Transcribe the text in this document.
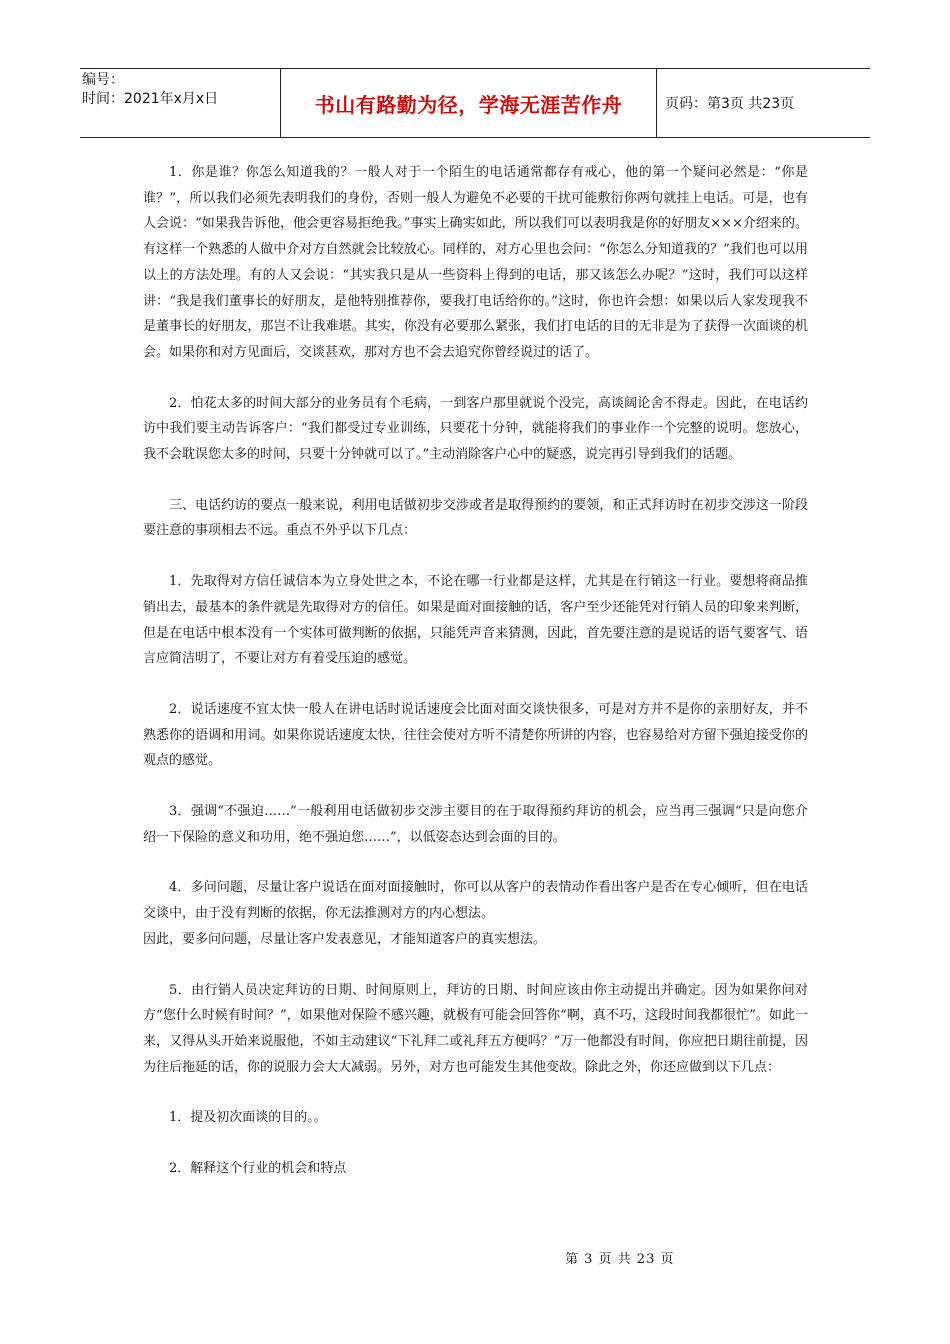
编号：
时间：2021年x月x日	书山有路勤为径，学海无涯苦作舟	页码：第3页 共23页

1．你是谁？你怎么知道我的？一般人对于一个陌生的电话通常都存有戒心，他的第一个疑问必然是：“你是谁？”，所以我们必须先表明我们的身份，否则一般人为避免不必要的干扰可能敷衍你两句就挂上电话。可是，也有人会说：“如果我告诉他，他会更容易拒绝我。”事实上确实如此，所以我们可以表明我是你的好朋友×××介绍来的。有这样一个熟悉的人做中介对方自然就会比较放心。同样的，对方心里也会问：“你怎么分知道我的？”我们也可以用以上的方法处理。有的人又会说：“其实我只是从一些资料上得到的电话，那又该怎么办呢？”这时，我们可以这样讲：“我是我们董事长的好朋友，是他特别推荐你，要我打电话给你的。”这时，你也许会想：如果以后人家发现我不是董事长的好朋友，那岂不让我难堪。其实，你没有必要那么紧张，我们打电话的目的无非是为了获得一次面谈的机会。如果你和对方见面后，交谈甚欢，那对方也不会去追究你曾经说过的话了。

2．怕花太多的时间大部分的业务员有个毛病，一到客户那里就说个没完，高谈阔论舍不得走。因此，在电话约访中我们要主动告诉客户：“我们都受过专业训练，只要花十分钟，就能将我们的事业作一个完整的说明。您放心，我不会耽误您太多的时间，只要十分钟就可以了。”主动消除客户心中的疑惑，说完再引导到我们的话题。

三、电话约访的要点一般来说，利用电话做初步交涉或者是取得预约的要领，和正式拜访时在初步交涉这一阶段要注意的事项相去不远。重点不外乎以下几点：

1．先取得对方信任诚信本为立身处世之本，不论在哪一行业都是这样，尤其是在行销这一行业。要想将商品推销出去，最基本的条件就是先取得对方的信任。如果是面对面接触的话，客户至少还能凭对行销人员的印象来判断，但是在电话中根本没有一个实体可做判断的依据，只能凭声音来猜测，因此，首先要注意的是说话的语气要客气、语言应简洁明了，不要让对方有着受压迫的感觉。

2．说话速度不宜太快一般人在讲电话时说话速度会比面对面交谈快很多，可是对方并不是你的亲朋好友，并不熟悉你的语调和用词。如果你说话速度太快，往往会使对方听不清楚你所讲的内容，也容易给对方留下强迫接受你的观点的感觉。

3．强调“不强迫……”一般利用电话做初步交涉主要目的在于取得预约拜访的机会，应当再三强调“只是向您介绍一下保险的意义和功用，绝不强迫您……”，以低姿态达到会面的目的。

4．多问问题，尽量让客户说话在面对面接触时，你可以从客户的表情动作看出客户是否在专心倾听，但在电话交谈中，由于没有判断的依据，你无法推测对方的内心想法。

因此，要多问问题，尽量让客户发表意见，才能知道客户的真实想法。

5．由行销人员决定拜访的日期、时间原则上，拜访的日期、时间应该由你主动提出并确定。因为如果你问对方“您什么时候有时间？”，如果他对保险不感兴趣，就极有可能会回答你“啊，真不巧，这段时间我都很忙”。如此一来，又得从头开始来说服他，不如主动建议“下礼拜二或礼拜五方便吗？”万一他都没有时间，你应把日期往前提，因为往后拖延的话，你的说服力会大大减弱。另外，对方也可能发生其他变故。除此之外，你还应做到以下几点：

1．提及初次面谈的目的。。

2．解释这个行业的机会和特点

第 3 页 共 23 页
